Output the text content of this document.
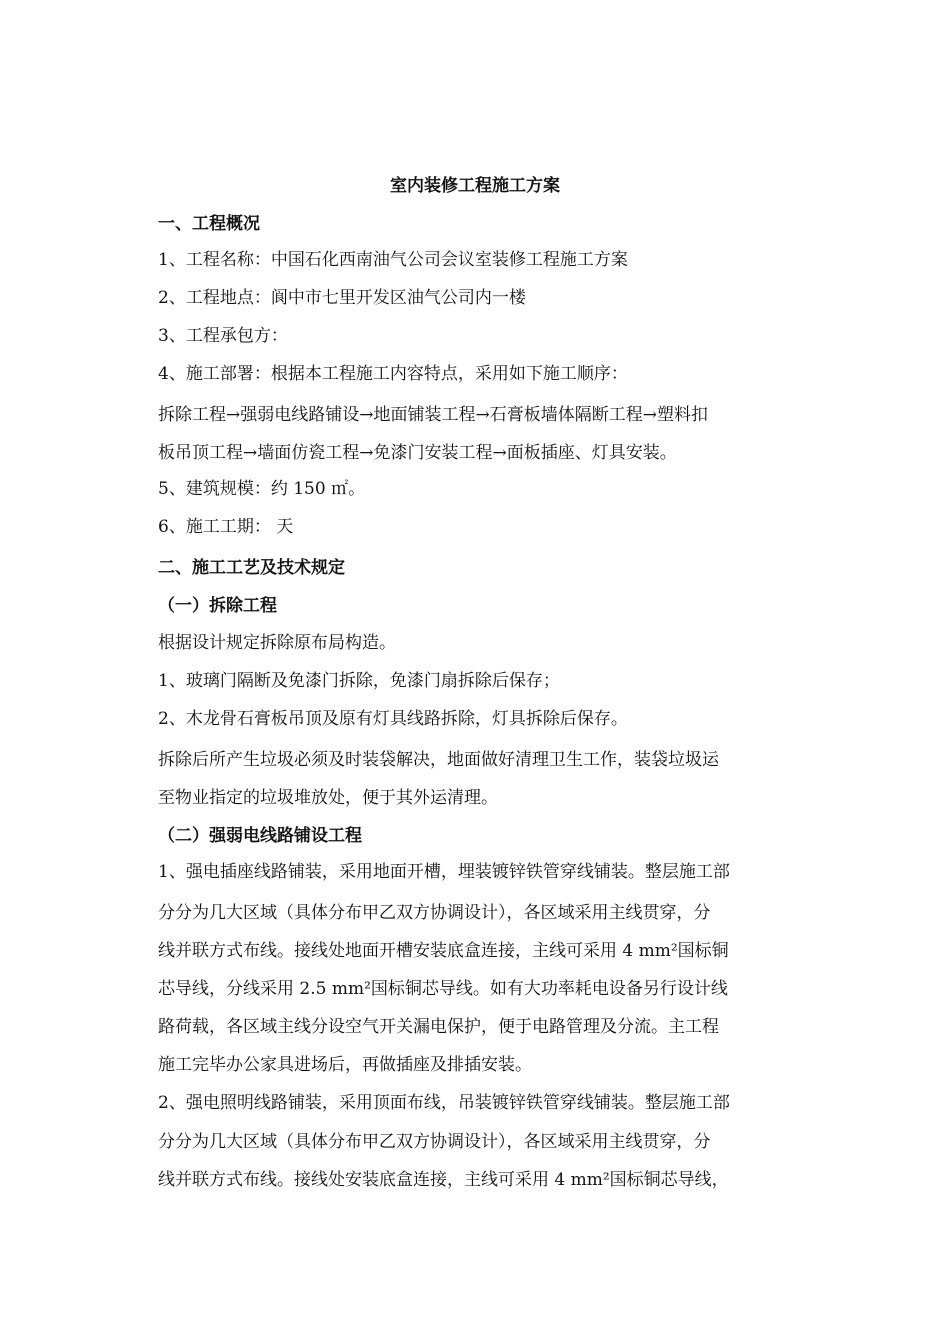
室内装修工程施工方案
一、工程概况
1、工程名称：中国石化西南油气公司会议室装修工程施工方案
2、工程地点：阆中市七里开发区油气公司内一楼
3、工程承包方：
4、施工部署：根据本工程施工内容特点，采用如下施工顺序：
拆除工程→强弱电线路铺设→地面铺装工程→石膏板墙体隔断工程→塑料扣
板吊顶工程→墙面仿瓷工程→免漆门安装工程→面板插座、灯具安装。
5、建筑规模：约 150 ㎡。
6、施工工期： 天
二、施工工艺及技术规定
（一）拆除工程
根据设计规定拆除原布局构造。
1、玻璃门隔断及免漆门拆除，免漆门扇拆除后保存；
2、木龙骨石膏板吊顶及原有灯具线路拆除，灯具拆除后保存。
拆除后所产生垃圾必须及时装袋解决，地面做好清理卫生工作，装袋垃圾运
至物业指定的垃圾堆放处，便于其外运清理。
（二）强弱电线路铺设工程
1、强电插座线路铺装，采用地面开槽，埋装镀锌铁管穿线铺装。整层施工部
分分为几大区域（具体分布甲乙双方协调设计），各区域采用主线贯穿，分
线并联方式布线。接线处地面开槽安装底盒连接，主线可采用 4 mm²国标铜
芯导线，分线采用 2.5 mm²国标铜芯导线。如有大功率耗电设备另行设计线
路荷载，各区域主线分设空气开关漏电保护，便于电路管理及分流。主工程
施工完毕办公家具进场后，再做插座及排插安装。
2、强电照明线路铺装，采用顶面布线，吊装镀锌铁管穿线铺装。整层施工部
分分为几大区域（具体分布甲乙双方协调设计），各区域采用主线贯穿，分
线并联方式布线。接线处安装底盒连接，主线可采用 4 mm²国标铜芯导线，
